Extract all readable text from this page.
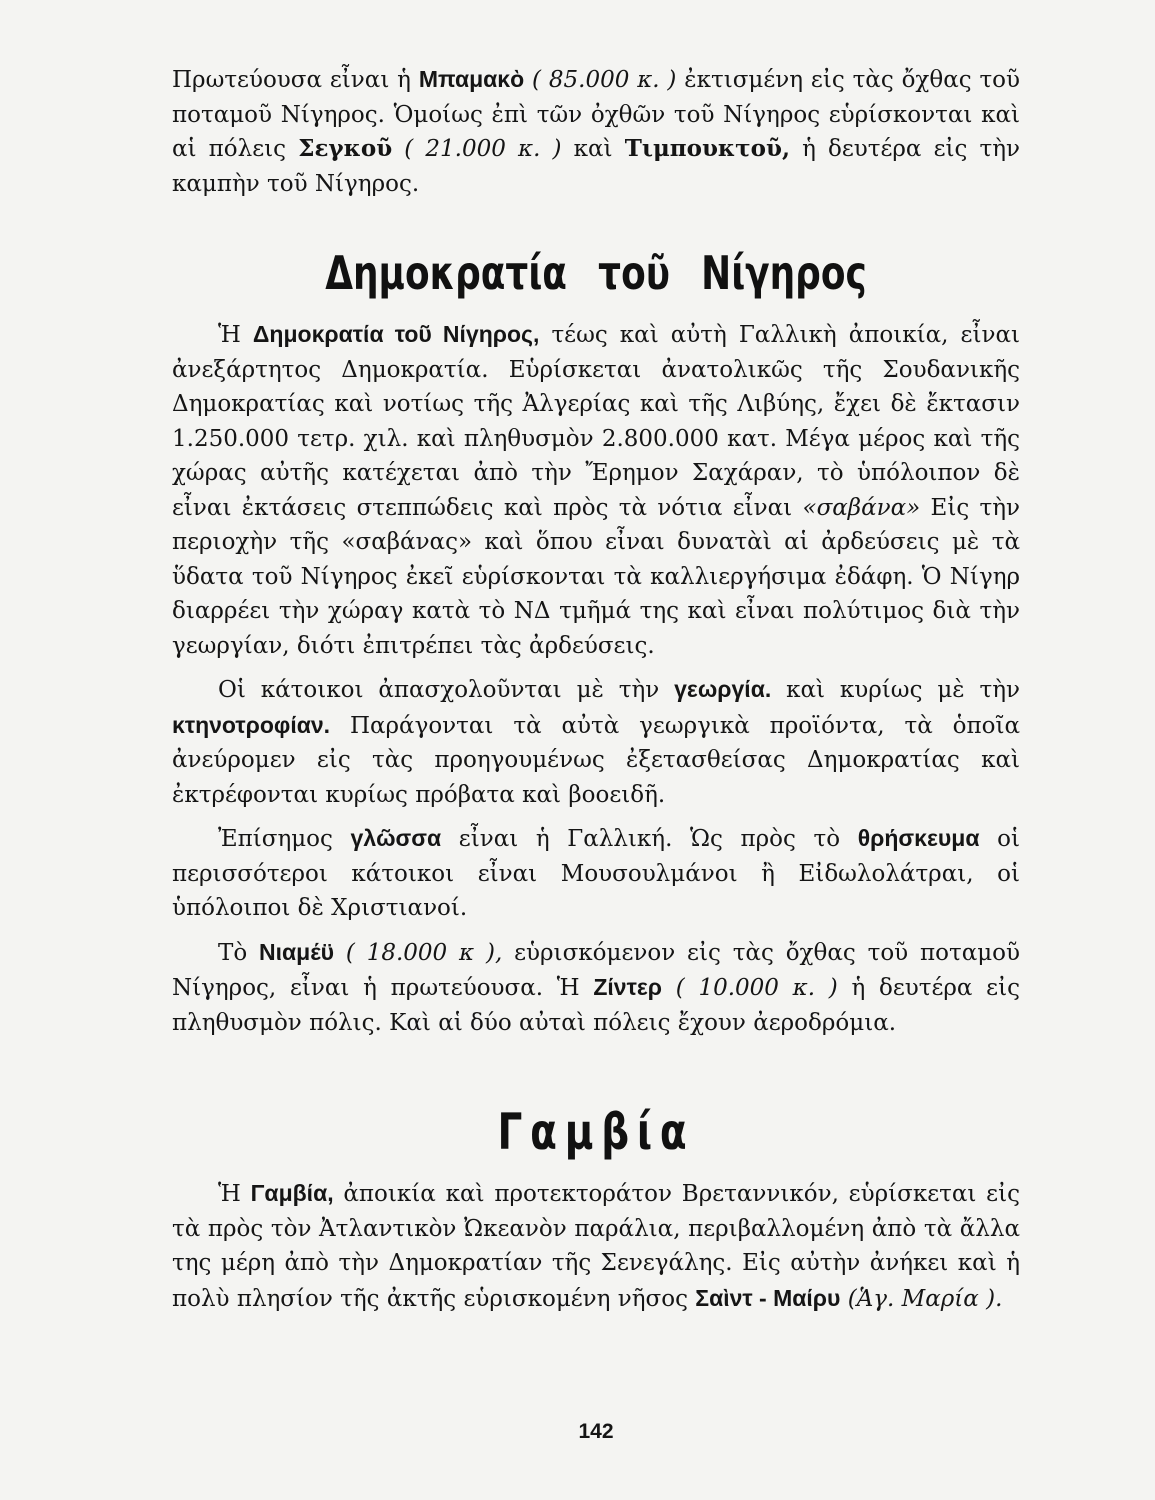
Πρωτεύουσα εἶναι ἡ Μπαμακὸ ( 85.000 κ. ) ἐκτισμένη εἰς τὰς ὄχθας τοῦ ποταμοῦ Νίγηρος. Ὁμοίως ἐπὶ τῶν ὀχθῶν τοῦ Νίγηρος εὑρίσκονται καὶ αἱ πόλεις Σεγκοῦ ( 21.000 κ. ) καὶ Τιμπουκτοῦ, ἡ δευτέρα εἰς τὴν καμπὴν τοῦ Νίγηρος.

Δημοκρατία τοῦ Νίγηρος

Ἡ Δημοκρατία τοῦ Νίγηρος, τέως καὶ αὐτὴ Γαλλικὴ ἀποικία, εἶναι ἀνεξάρτητος Δημοκρατία. Εὑρίσκεται ἀνατολικῶς τῆς Σουδανικῆς Δημοκρατίας καὶ νοτίως τῆς Ἀλγερίας καὶ τῆς Λιβύης, ἔχει δὲ ἔκτασιν 1.250.000 τετρ. χιλ. καὶ πληθυσμὸν 2.800.000 κατ. Μέγα μέρος καὶ τῆς χώρας αὐτῆς κατέχεται ἀπὸ τὴν Ἔρημον Σαχάραν, τὸ ὑπόλοιπον δὲ εἶναι ἐκτάσεις στεππώδεις καὶ πρὸς τὰ νότια εἶναι «σαβάνα» Εἰς τὴν περιοχὴν τῆς «σαβάνας» καὶ ὅπου εἶναι δυνατὰὶ αἱ ἀρδεύσεις μὲ τὰ ὕδατα τοῦ Νίγηρος ἐκεῖ εὑρίσκονται τὰ καλλιεργήσιμα ἐδάφη. Ὁ Νίγηρ διαρρέει τὴν χώραγ κατὰ τὸ ΝΔ τμῆμά της καὶ εἶναι πολύτιμος διὰ τὴν γεωργίαν, διότι ἐπιτρέπει τὰς ἀρδεύσεις.

Οἱ κάτοικοι ἀπασχολοῦνται μὲ τὴν γεωργία. καὶ κυρίως μὲ τὴν κτηνοτροφίαν. Παράγονται τὰ αὐτὰ γεωργικὰ προϊόντα, τὰ ὁποῖα ἀνεύρομεν εἰς τὰς προηγουμένως ἐξετασθείσας Δημοκρατίας καὶ ἐκτρέφονται κυρίως πρόβατα καὶ βοοειδῆ.

Ἐπίσημος γλῶσσα εἶναι ἡ Γαλλική. Ὡς πρὸς τὸ θρήσκευμα οἱ περισσότεροι κάτοικοι εἶναι Μουσουλμάνοι ἢ Εἰδωλολάτραι, οἱ ὑπόλοιποι δὲ Χριστιανοί.

Τὸ Νιαμέϋ ( 18.000 κ ), εὑρισκόμενον εἰς τὰς ὄχθας τοῦ ποταμοῦ Νίγηρος, εἶναι ἡ πρωτεύουσα. Ἡ Ζίντερ ( 10.000 κ. ) ἡ δευτέρα εἰς πληθυσμὸν πόλις. Καὶ αἱ δύο αὐταὶ πόλεις ἔχουν ἀεροδρόμια.

Γαμβία

Ἡ Γαμβία, ἀποικία καὶ προτεκτοράτον Βρεταννικόν, εὑρίσκεται εἰς τὰ πρὸς τὸν Ἀτλαντικὸν Ὠκεανὸν παράλια, περιβαλλομένη ἀπὸ τὰ ἄλλα της μέρη ἀπὸ τὴν Δημοκρατίαν τῆς Σενεγάλης. Εἰς αὐτὴν ἀνήκει καὶ ἡ πολὺ πλησίον τῆς ἀκτῆς εὑρισκομένη νῆσος Σαὶντ - Μαίρυ (Ἁγ. Μαρία ).

142
